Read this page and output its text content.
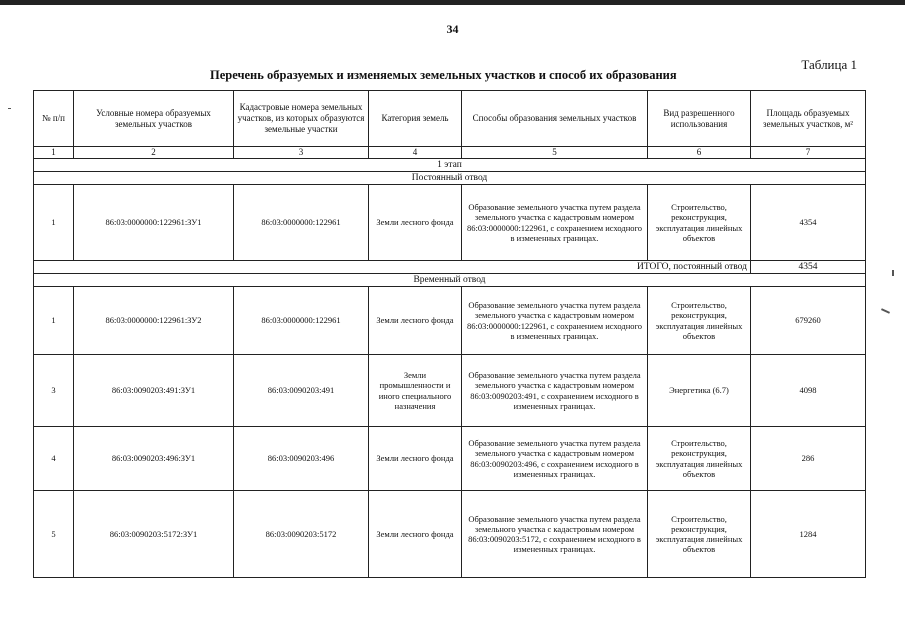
34
Таблица 1
Перечень образуемых и изменяемых земельных участков и способ их образования
№ п/п	Условные номера образуемых земельных участков	Кадастровые номера земельных участков, из которых образуются земельные участки	Категория земель	Способы образования земельных участков	Вид разрешенного использования	Площадь образуемых земельных участков, м²
1	2	3	4	5	6	7
1 этап						
Постоянный отвод						
1	86:03:0000000:122961:ЗУ1	86:03:0000000:122961	Земли лесного фонда	Образование земельного участка путем раздела земельного участка с кадастровым номером 86:03:0000000:122961, с сохранением исходного в измененных границах.	Строительство, реконструкция, эксплуатация линейных объектов	4354
	ИТОГО, постоянный отвод					4354
Временный отвод						
1	86:03:0000000:122961:ЗУ2	86:03:0000000:122961	Земли лесного фонда	Образование земельного участка путем раздела земельного участка с кадастровым номером 86:03:0000000:122961, с сохранением исходного в измененных границах.	Строительство, реконструкция, эксплуатация линейных объектов	679260
3	86:03:0090203:491:ЗУ1	86:03:0090203:491	Земли промышленности и иного специального назначения	Образование земельного участка путем раздела земельного участка с кадастровым номером 86:03:0090203:491, с сохранением исходного в измененных границах.	Энергетика (6.7)	4098
4	86:03:0090203:496:ЗУ1	86:03:0090203:496	Земли лесного фонда	Образование земельного участка путем раздела земельного участка с кадастровым номером 86:03:0090203:496, с сохранением исходного в измененных границах.	Строительство, реконструкция, эксплуатация линейных объектов	286
5	86:03:0090203:5172:ЗУ1	86:03:0090203:5172	Земли лесного фонда	Образование земельного участка путем раздела земельного участка с кадастровым номером 86:03:0090203:5172, с сохранением исходного в измененных границах.	Строительство, реконструкция, эксплуатация линейных объектов	1284
